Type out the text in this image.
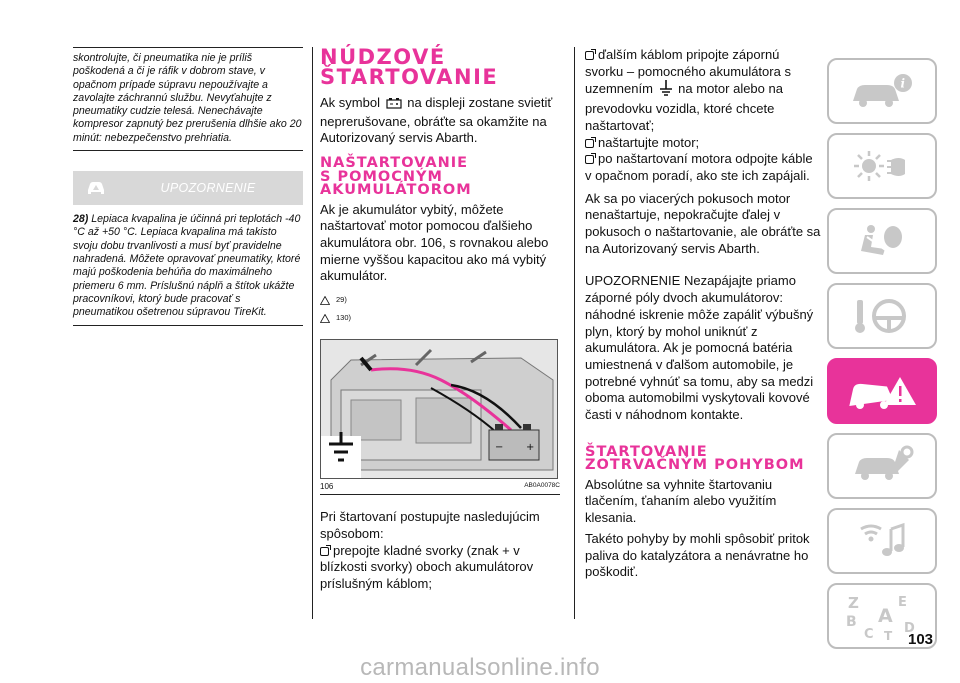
skontrolujte, či pneumatika nie je príliš poškodená a či je ráfik v dobrom stave, v opačnom prípade súpravu nepoužívajte a zavolajte záchrannú službu. Nevyťahujte z pneumatiky cudzie telesá. Nenechávajte kompresor zapnutý bez prerušenia dlhšie ako 20 minút: nebezpečenstvo prehriatia.

UPOZORNENIE
28) Lepiaca kvapalina je účinná pri teplotách -40 °C až +50 °C. Lepiaca kvapalina má takisto svoju dobu trvanlivosti a musí byť pravidelne nahradená. Môžete opravovať pneumatiky, ktoré majú poškodenia behúňa do maximálneho priemeru 6 mm. Príslušnú náplň a štítok ukážte pracovníkovi, ktorý bude pracovať s pneumatikou ošetrenou súpravou TireKit.
NÚDZOVÉ
ŠTARTOVANIE

Ak symbol na displeji zostane svietiť neprerušovane, obráťte sa okamžite na Autorizovaný servis Abarth.

NAŠTARTOVANIE
S POMOCNÝM
AKUMULÁTOROM

Ak je akumulátor vybitý, môžete naštartovať motor pomocou ďalšieho akumulátora obr. 106, s rovnakou alebo mierne vyššou kapacitou ako má vybitý akumulátor.

29)
130)
+
−
106	AB0A0078C

Pri štartovaní postupujte nasledujúcim spôsobom:

prepojte kladné svorky (znak + v blízkosti svorky) oboch akumulátorov príslušným káblom;

ďalším káblom pripojte zápornú svorku – pomocného akumulátora s uzemnením na motor alebo na prevodovku vozidla, ktoré chcete naštartovať;

naštartujte motor;

po naštartovaní motora odpojte káble v opačnom poradí, ako ste ich zapájali.

Ak sa po viacerých pokusoch motor nenaštartuje, nepokračujte ďalej v pokusoch o naštartovanie, ale obráťte sa na Autorizovaný servis Abarth.

UPOZORNENIE Nezapájajte priamo záporné póly dvoch akumulátorov: náhodné iskrenie môže zapáliť výbušný plyn, ktorý by mohol uniknúť z akumulátora. Ak je pomocná batéria umiestnená v ďalšom automobile, je potrebné vyhnúť sa tomu, aby sa medzi oboma automobilmi vyskytovali kovové časti v náhodnom kontakte.

ŠTARTOVANIE
ZOTRVAČNÝM POHYBOM

Absolútne sa vyhnite štartovaniu tlačením, ťahaním alebo využitím klesania.

Takéto pohyby by mohli spôsobiť pritok paliva do katalyzátora a nenávratne ho poškodiť.

i
Z	E
B A
C D
T 103
carmanualsonline.info
